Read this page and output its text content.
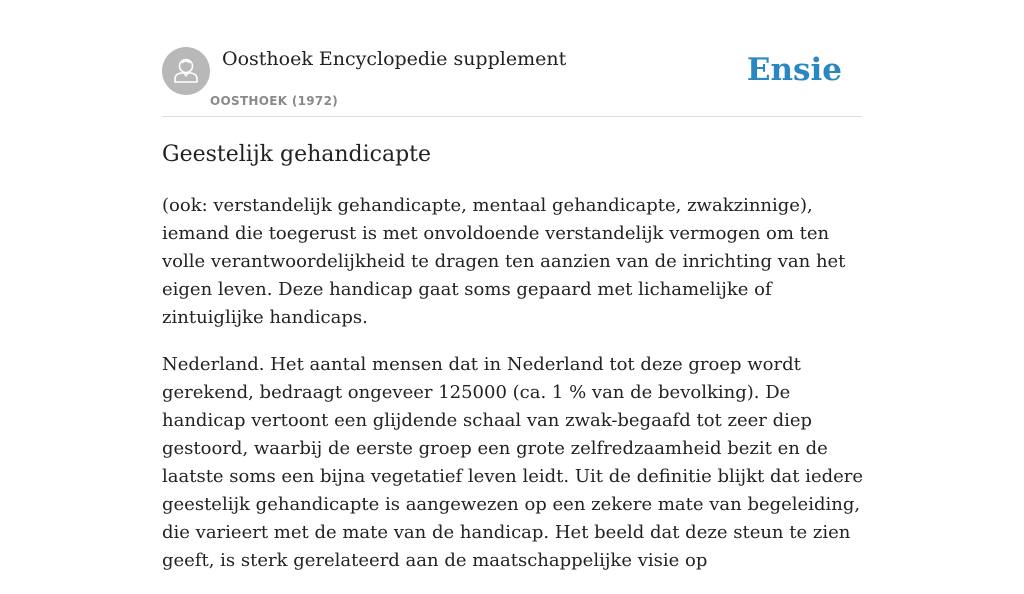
Oosthoek Encyclopedie supplement
OOSTHOEK (1972)
Ensie
Geestelijk gehandicapte

(ook: verstandelijk gehandicapte, mentaal gehandicapte, zwakzinnige), iemand die toegerust is met onvoldoende verstandelijk vermogen om ten volle verantwoordelijkheid te dragen ten aanzien van de inrichting van het eigen leven. Deze handicap gaat soms gepaard met lichamelijke of zintuiglijke handicaps.

Nederland. Het aantal mensen dat in Nederland tot deze groep wordt gerekend, bedraagt ongeveer 125000 (ca. 1 % van de bevolking). De handicap vertoont een glijdende schaal van zwak-begaafd tot zeer diep gestoord, waarbij de eerste groep een grote zelfredzaamheid bezit en de laatste soms een bijna vegetatief leven leidt. Uit de definitie blijkt dat iedere geestelijk gehandicapte is aangewezen op een zekere mate van begeleiding, die varieert met de mate van de handicap. Het beeld dat deze steun te zien geeft, is sterk gerelateerd aan de maatschappelijke visie op
